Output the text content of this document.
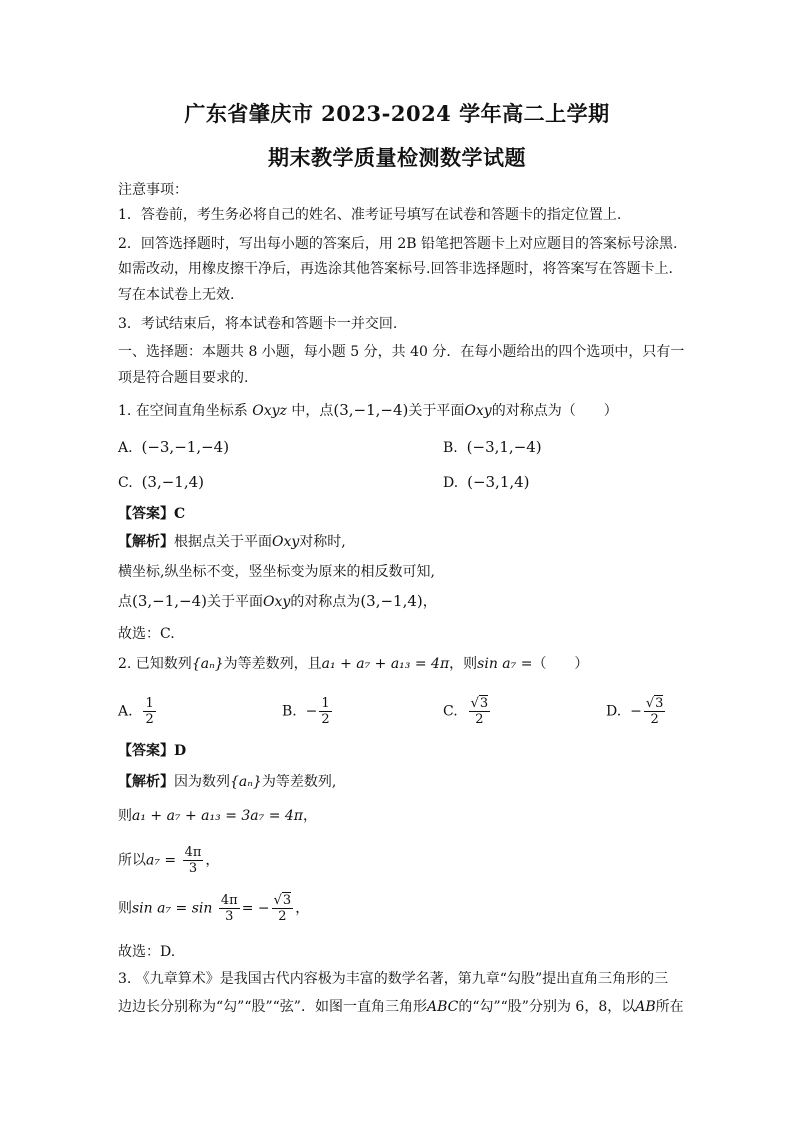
广东省肇庆市 2023-2024 学年高二上学期
期末教学质量检测数学试题
注意事项：
1．答卷前，考生务必将自己的姓名、准考证号填写在试卷和答题卡的指定位置上.
2．回答选择题时，写出每小题的答案后，用 2B 铅笔把答题卡上对应题目的答案标号涂黑.
如需改动，用橡皮擦干净后，再选涂其他答案标号.回答非选择题时，将答案写在答题卡上.
写在本试卷上无效.
3．考试结束后，将本试卷和答题卡一并交回.
一、选择题：本题共 8 小题，每小题 5 分，共 40 分．在每小题给出的四个选项中，只有一
项是符合题目要求的.
1. 在空间直角坐标系 Oxyz 中，点(3,−1,−4)关于平面Oxy的对称点为（　　）
A. (−3,−1,−4)	B. (−3,1,−4)
C. (3,−1,4)	D. (−3,1,4)
【答案】C
【解析】根据点关于平面Oxy对称时,
横坐标,纵坐标不变，竖坐标变为原来的相反数可知,
点(3,−1,−4)关于平面Oxy的对称点为(3,−1,4)，
故选：C.
2. 已知数列{aₙ}为等差数列，且a₁ + a₇ + a₁₃ = 4π，则sin a₇ =（　　）
A. $\frac{1}{2}$	B. − $\frac{1}{2}$	C. $\frac{√3}{2}$	D. − $\frac{√3}{2}$
【答案】D
【解析】因为数列{aₙ}为等差数列,
则a₁ + a₇ + a₁₃ = 3a₇ = 4π，
所以$a_7 = \frac{4\pi}{3}$ ，
则$\sin a_7 = \sin \frac{4\pi}{3}$ = − $\frac{√3}{2}$ ，
故选：D.
3. 《九章算术》是我国古代内容极为丰富的数学名著，第九章“勾股”提出直角三角形的三
边边长分别称为“勾”“股”“弦”．如图一直角三角形ABC的“勾”“股”分别为 6，8，以AB所在
